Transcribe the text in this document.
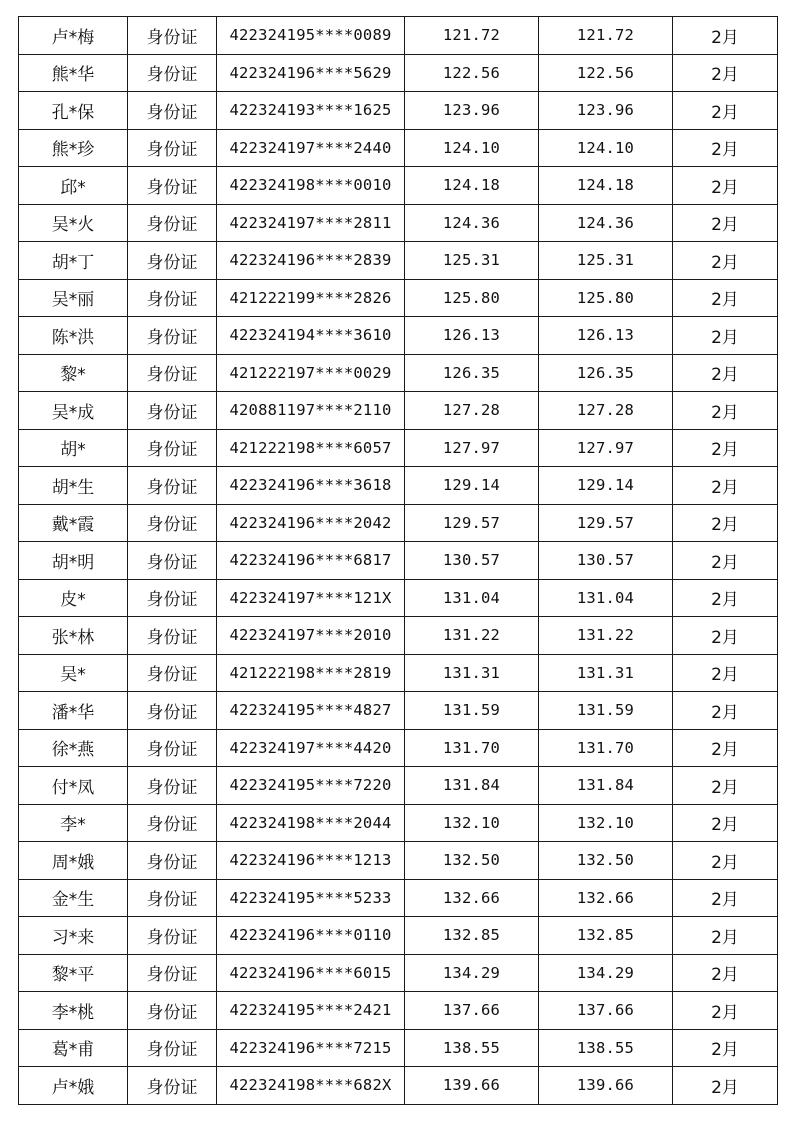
卢*梅	身份证	422324195****0089	121.72	121.72	2月
熊*华	身份证	422324196****5629	122.56	122.56	2月
孔*保	身份证	422324193****1625	123.96	123.96	2月
熊*珍	身份证	422324197****2440	124.10	124.10	2月
邱*	身份证	422324198****0010	124.18	124.18	2月
吴*火	身份证	422324197****2811	124.36	124.36	2月
胡*丁	身份证	422324196****2839	125.31	125.31	2月
吴*丽	身份证	421222199****2826	125.80	125.80	2月
陈*洪	身份证	422324194****3610	126.13	126.13	2月
黎*	身份证	421222197****0029	126.35	126.35	2月
吴*成	身份证	420881197****2110	127.28	127.28	2月
胡*	身份证	421222198****6057	127.97	127.97	2月
胡*生	身份证	422324196****3618	129.14	129.14	2月
戴*霞	身份证	422324196****2042	129.57	129.57	2月
胡*明	身份证	422324196****6817	130.57	130.57	2月
皮*	身份证	422324197****121X	131.04	131.04	2月
张*林	身份证	422324197****2010	131.22	131.22	2月
吴*	身份证	421222198****2819	131.31	131.31	2月
潘*华	身份证	422324195****4827	131.59	131.59	2月
徐*燕	身份证	422324197****4420	131.70	131.70	2月
付*凤	身份证	422324195****7220	131.84	131.84	2月
李*	身份证	422324198****2044	132.10	132.10	2月
周*娥	身份证	422324196****1213	132.50	132.50	2月
金*生	身份证	422324195****5233	132.66	132.66	2月
习*来	身份证	422324196****0110	132.85	132.85	2月
黎*平	身份证	422324196****6015	134.29	134.29	2月
李*桃	身份证	422324195****2421	137.66	137.66	2月
葛*甫	身份证	422324196****7215	138.55	138.55	2月
卢*娥	身份证	422324198****682X	139.66	139.66	2月
